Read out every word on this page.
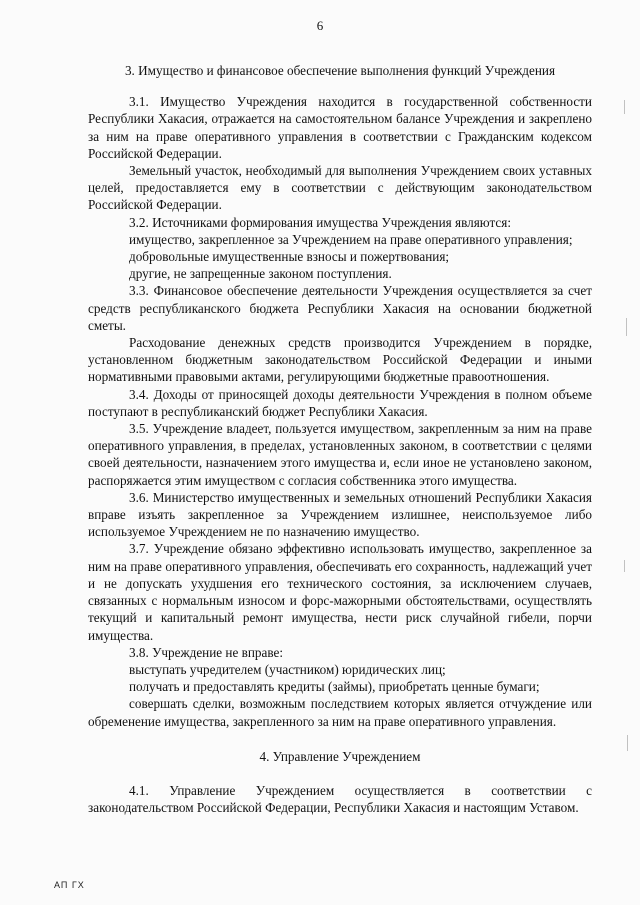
6
3. Имущество и финансовое обеспечение выполнения функций Учреждения

3.1. Имущество Учреждения находится в государственной собственности Республики Хакасия, отражается на самостоятельном балансе Учреждения и закреплено за ним на праве оперативного управления в соответствии с Гражданским кодексом Российской Федерации.

Земельный участок, необходимый для выполнения Учреждением своих уставных целей, предоставляется ему в соответствии с действующим законодательством Российской Федерации.

3.2. Источниками формирования имущества Учреждения являются:

имущество, закрепленное за Учреждением на праве оперативного управления;

добровольные имущественные взносы и пожертвования;

другие, не запрещенные законом поступления.

3.3. Финансовое обеспечение деятельности Учреждения осуществляется за счет средств республиканского бюджета Республики Хакасия на основании бюджетной сметы.

Расходование денежных средств производится Учреждением в порядке, установленном бюджетным законодательством Российской Федерации и иными нормативными правовыми актами, регулирующими бюджетные правоотношения.

3.4. Доходы от приносящей доходы деятельности Учреждения в полном объеме поступают в республиканский бюджет Республики Хакасия.

3.5. Учреждение владеет, пользуется имуществом, закрепленным за ним на праве оперативного управления, в пределах, установленных законом, в соответствии с целями своей деятельности, назначением этого имущества и, если иное не установлено законом, распоряжается этим имуществом с согласия собственника этого имущества.

3.6. Министерство имущественных и земельных отношений Республики Хакасия вправе изъять закрепленное за Учреждением излишнее, неиспользуемое либо используемое Учреждением не по назначению имущество.

3.7. Учреждение обязано эффективно использовать имущество, закрепленное за ним на праве оперативного управления, обеспечивать его сохранность, надлежащий учет и не допускать ухудшения его технического состояния, за исключением случаев, связанных с нормальным износом и форс-мажорными обстоятельствами, осуществлять текущий и капитальный ремонт имущества, нести риск случайной гибели, порчи имущества.

3.8. Учреждение не вправе:

выступать учредителем (участником) юридических лиц;

получать и предоставлять кредиты (займы), приобретать ценные бумаги;

совершать сделки, возможным последствием которых является отчуждение или обременение имущества, закрепленного за ним на праве оперативного управления.

4. Управление Учреждением

4.1. Управление Учреждением осуществляется в соответствии с законодательством Российской Федерации, Республики Хакасия и настоящим Уставом.

АП ГХ
